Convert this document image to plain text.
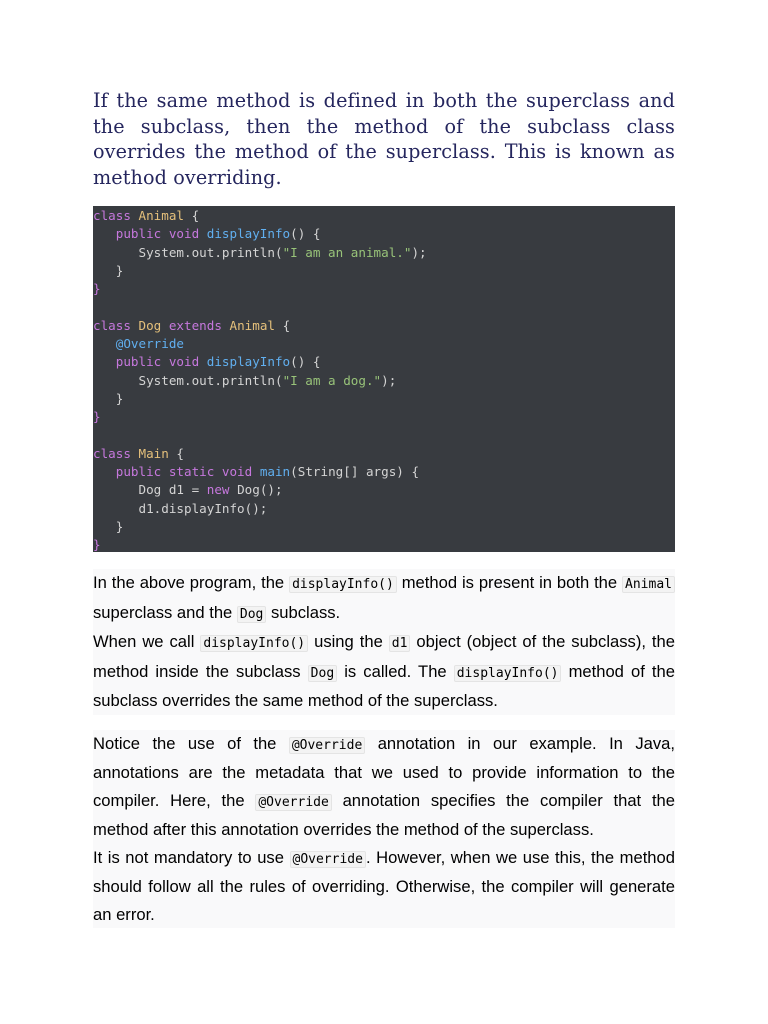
If the same method is defined in both the superclass and the subclass, then the method of the subclass class overrides the method of the superclass. This is known as method overriding.

class Animal {
public void displayInfo() {
System.out.println("I am an animal.");
}
}
class Dog extends Animal {
@Override
public void displayInfo() {
System.out.println("I am a dog.");
}
}
class Main {
public static void main(String[] args) {
Dog d1 = new Dog();
d1.displayInfo();
}
}

In the above program, the displayInfo() method is present in both the Animal superclass and the Dog subclass.

When we call displayInfo() using the d1 object (object of the subclass), the method inside the subclass Dog is called. The displayInfo() method of the subclass overrides the same method of the superclass.

Notice the use of the @Override annotation in our example. In Java, annotations are the metadata that we used to provide information to the compiler. Here, the @Override annotation specifies the compiler that the method after this annotation overrides the method of the superclass.

It is not mandatory to use @Override . However, when we use this, the method should follow all the rules of overriding. Otherwise, the compiler will generate an error.
